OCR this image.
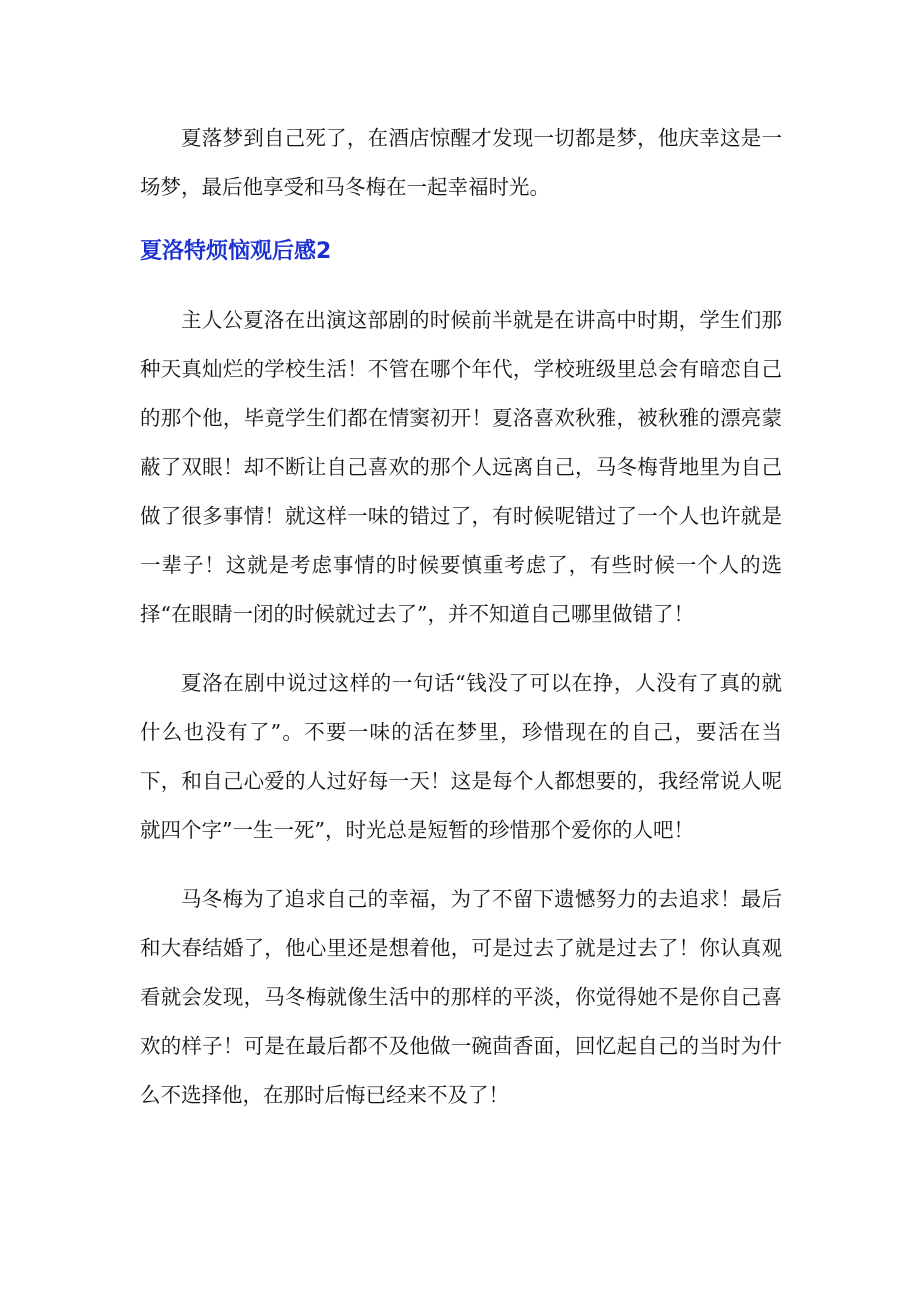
夏落梦到自己死了，在酒店惊醒才发现一切都是梦，他庆幸这是一场梦，最后他享受和马冬梅在一起幸福时光。

夏洛特烦恼观后感2

主人公夏洛在出演这部剧的时候前半就是在讲高中时期，学生们那种天真灿烂的学校生活！不管在哪个年代，学校班级里总会有暗恋自己的那个他，毕竟学生们都在情窦初开！夏洛喜欢秋雅，被秋雅的漂亮蒙蔽了双眼！却不断让自己喜欢的那个人远离自己，马冬梅背地里为自己做了很多事情！就这样一味的错过了，有时候呢错过了一个人也许就是一辈子！这就是考虑事情的时候要慎重考虑了，有些时候一个人的选择“在眼睛一闭的时候就过去了”，并不知道自己哪里做错了！

夏洛在剧中说过这样的一句话“钱没了可以在挣，人没有了真的就什么也没有了”。不要一味的活在梦里，珍惜现在的自己，要活在当下，和自己心爱的人过好每一天！这是每个人都想要的，我经常说人呢就四个字”一生一死”，时光总是短暂的珍惜那个爱你的人吧！

马冬梅为了追求自己的幸福，为了不留下遗憾努力的去追求！最后和大春结婚了，他心里还是想着他，可是过去了就是过去了！你认真观看就会发现，马冬梅就像生活中的那样的平淡，你觉得她不是你自己喜欢的样子！可是在最后都不及他做一碗茴香面，回忆起自己的当时为什么不选择他，在那时后悔已经来不及了！
